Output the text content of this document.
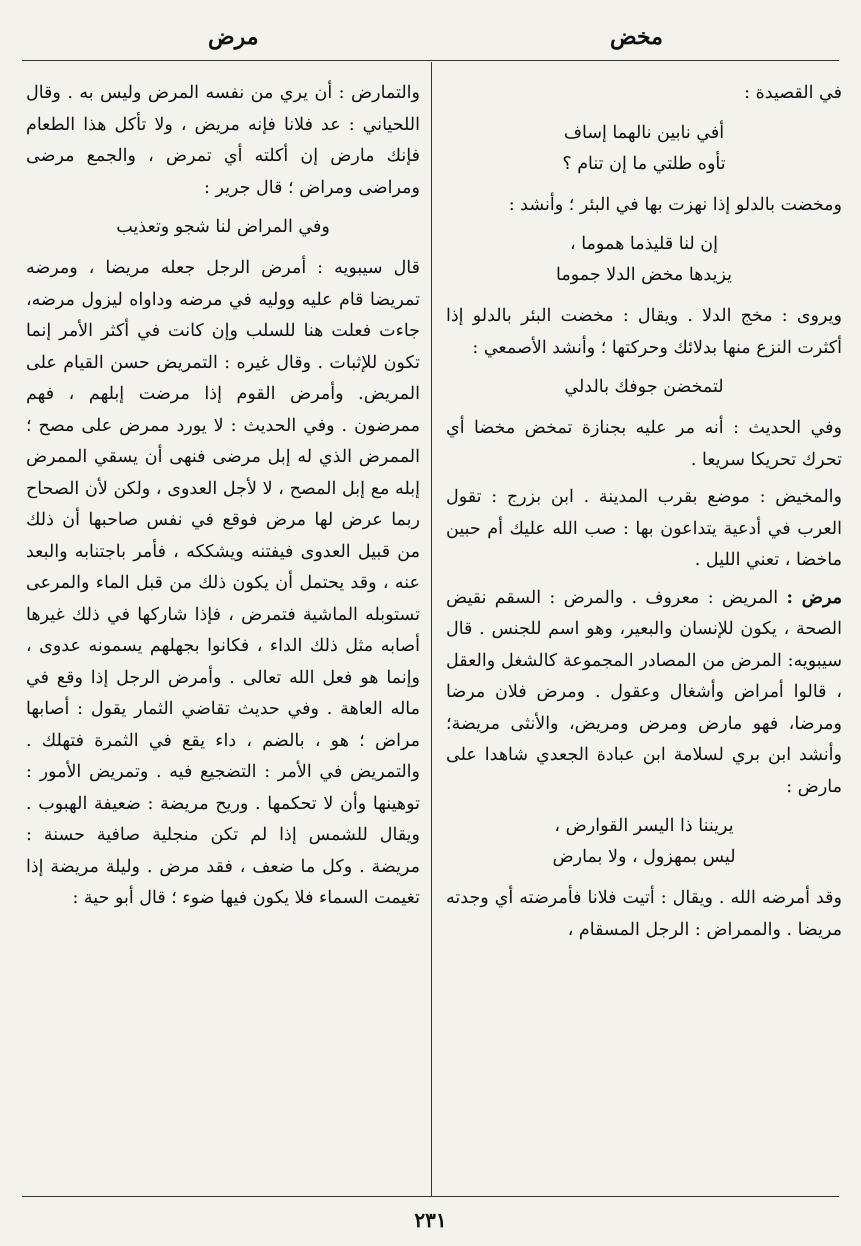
مخض
مرض

في القصيدة :

أفي نابين نالهما إساف
تأوه طلتي ما إن تنام ؟

ومخضت بالدلو إذا نهزت بها في البئر ؛ وأنشد :

إن لنا قليذما هموما ،
يزيدها مخض الدلا جموما

ويروى : مخج الدلا . ويقال : مخضت البئر بالدلو إذا أكثرت النزع منها بدلائك وحركتها ؛ وأنشد الأصمعي :

لتمخضن جوفك بالدلي

وفي الحديث : أنه مر عليه بجنازة تمخض مخضا أي تحرك تحريكا سريعا .

والمخيض : موضع بقرب المدينة . ابن بزرج : تقول العرب في أدعية يتداعون بها : صب الله عليك أم حبين ماخضا ، تعني الليل .

مرض : المريض : معروف . والمرض : السقم نقيض الصحة ، يكون للإنسان والبعير، وهو اسم للجنس . قال سيبويه: المرض من المصادر المجموعة كالشغل والعقل ، قالوا أمراض وأشغال وعقول . ومرض فلان مرضا ومرضا، فهو مارض ومرض ومريض، والأنثى مريضة؛ وأنشد ابن بري لسلامة ابن عبادة الجعدي شاهدا على مارض :

يريننا ذا اليسر القوارض ،
ليس بمهزول ، ولا بمارض

وقد أمرضه الله . ويقال : أتيت فلانا فأمرضته أي وجدته مريضا . والممراض : الرجل المسقام ،

والتمارض : أن يري من نفسه المرض وليس به . وقال اللحياني : عد فلانا فإنه مريض ، ولا تأكل هذا الطعام فإنك مارض إن أكلته أي تمرض ، والجمع مرضى ومراضى ومراض ؛ قال جرير :

وفي المراض لنا شجو وتعذيب

قال سيبويه : أمرض الرجل جعله مريضا ، ومرضه تمريضا قام عليه ووليه في مرضه وداواه ليزول مرضه، جاءت فعلت هنا للسلب وإن كانت في أكثر الأمر إنما تكون للإثبات . وقال غيره : التمريض حسن القيام على المريض. وأمرض القوم إذا مرضت إبلهم ، فهم ممرضون . وفي الحديث : لا يورد ممرض على مصح ؛ الممرض الذي له إبل مرضى فنهى أن يسقي الممرض إبله مع إبل المصح ، لا لأجل العدوى ، ولكن لأن الصحاح ربما عرض لها مرض فوقع في نفس صاحبها أن ذلك من قبيل العدوى فيفتنه ويشككه ، فأمر باجتنابه والبعد عنه ، وقد يحتمل أن يكون ذلك من قبل الماء والمرعى تستوبله الماشية فتمرض ، فإذا شاركها في ذلك غيرها أصابه مثل ذلك الداء ، فكانوا بجهلهم يسمونه عدوى ، وإنما هو فعل الله تعالى . وأمرض الرجل إذا وقع في ماله العاهة . وفي حديث تقاضي الثمار يقول : أصابها مراض ؛ هو ، بالضم ، داء يقع في الثمرة فتهلك . والتمريض في الأمر : التضجيع فيه . وتمريض الأمور : توهينها وأن لا تحكمها . وريح مريضة : ضعيفة الهبوب . ويقال للشمس إذا لم تكن منجلية صافية حسنة : مريضة . وكل ما ضعف ، فقد مرض . وليلة مريضة إذا تغيمت السماء فلا يكون فيها ضوء ؛ قال أبو حية :

٢٣١
